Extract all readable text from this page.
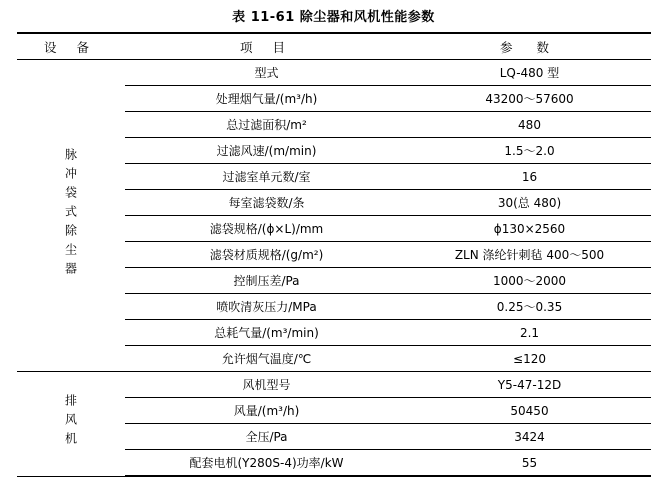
表 11-61 除尘器和风机性能参数
设 备	项 目	参 数
脉冲袋式除尘器	型式	LQ-480 型
	处理烟气量/(m³/h)	43200～57600
	总过滤面积/m²	480
	过滤风速/(m/min)	1.5～2.0
	过滤室单元数/室	16
	每室滤袋数/条	30(总 480)
	滤袋规格/(ϕ×L)/mm	ϕ130×2560
	滤袋材质规格/(g/m²)	ZLN 涤纶针刺毡 400～500
	控制压差/Pa	1000～2000
	喷吹清灰压力/MPa	0.25～0.35
	总耗气量/(m³/min)	2.1
	允许烟气温度/℃	≤120
排风机	风机型号	Y5-47-12D
	风量/(m³/h)	50450
	全压/Pa	3424
	配套电机(Y280S-4)功率/kW	55
